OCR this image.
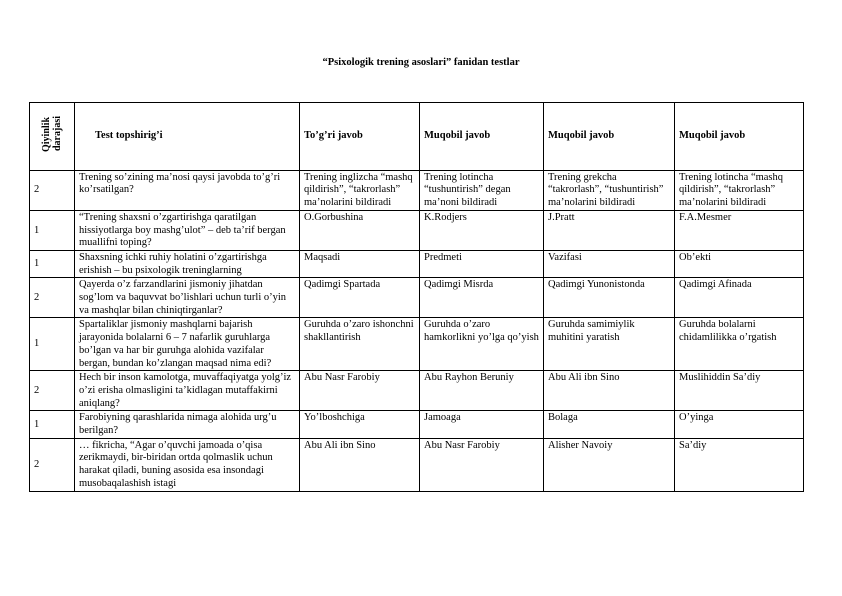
“Psixologik trening asoslari” fanidan testlar
Qiyinlik darajasi	Test topshirig’i	To’g’ri javob	Muqobil javob	Muqobil javob	Muqobil javob
2	Trening so’zining ma’nosi qaysi javobda to’g’ri ko’rsatilgan?	Trening inglizcha “mashq qildirish”, “takrorlash” ma’nolarini bildiradi	Trening lotincha “tushuntirish” degan ma’noni bildiradi	Trening grekcha “takrorlash”, “tushuntirish” ma’nolarini bildiradi	Trening lotincha “mashq qildirish”, “takrorlash” ma’nolarini bildiradi
1	“Trening shaxsni o’zgartirishga qaratilgan hissiyotlarga boy mashg’ulot” – deb ta’rif bergan muallifni toping?	O.Gorbushina	K.Rodjers	J.Pratt	F.A.Mesmer
1	Shaxsning ichki ruhiy holatini o’zgartirishga erishish – bu psixologik treninglarning	Maqsadi	Predmeti	Vazifasi	Ob’ekti
2	Qayerda o’z farzandlarini jismoniy jihatdan sog’lom va baquvvat bo’lishlari uchun turli o’yin va mashqlar bilan chiniqtirganlar?	Qadimgi Spartada	Qadimgi Misrda	Qadimgi Yunonistonda	Qadimgi Afinada
1	Spartaliklar jismoniy mashqlarni bajarish jarayonida bolalarni 6 – 7 nafarlik guruhlarga bo’lgan va har bir guruhga alohida vazifalar bergan, bundan ko’zlangan maqsad nima edi?	Guruhda o’zaro ishonchni shakllantirish	Guruhda o’zaro hamkorlikni yo’lga qo’yish	Guruhda samimiylik muhitini yaratish	Guruhda bolalarni chidamlilikka o’rgatish
2	Hech bir inson kamolotga, muvaffaqiyatga yolg’iz o’zi erisha olmasligini ta’kidlagan mutaffakirni aniqlang?	Abu Nasr Farobiy	Abu Rayhon Beruniy	Abu Ali ibn Sino	Muslihiddin Sa’diy
1	Farobiyning qarashlarida nimaga alohida urg’u berilgan?	Yo’lboshchiga	Jamoaga	Bolaga	O’yinga
2	… fikricha, “Agar o’quvchi jamoada o’qisa zerikmaydi, bir-biridan ortda qolmaslik uchun harakat qiladi, buning asosida esa insondagi musobaqalashish istagi	Abu Ali ibn Sino	Abu Nasr Farobiy	Alisher Navoiy	Sa’diy
